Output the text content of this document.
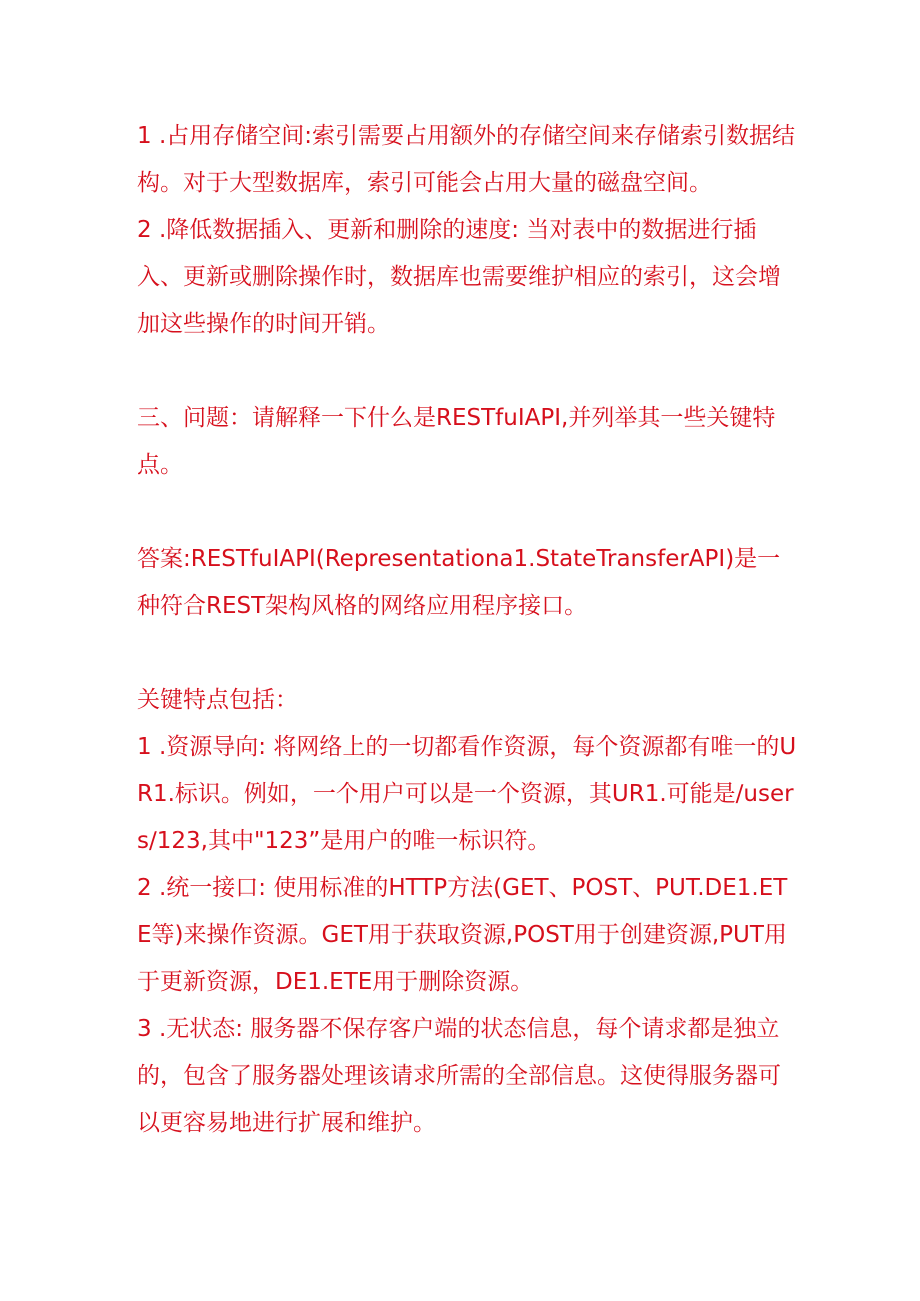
1 .占用存储空间:索引需要占用额外的存储空间来存储索引数据结构。对于大型数据库，索引可能会占用大量的磁盘空间。

2 .降低数据插入、更新和删除的速度: 当对表中的数据进行插入、更新或删除操作时，数据库也需要维护相应的索引，这会增加这些操作的时间开销。

三、问题：请解释一下什么是RESTfuIAPI,并列举其一些关键特点。

答案:RESTfuIAPI(Representationa1.StateTransferAPI)是一种符合REST架构风格的网络应用程序接口。

关键特点包括：

1 .资源导向: 将网络上的一切都看作资源，每个资源都有唯一的UR1.标识。例如，一个用户可以是一个资源，其UR1.可能是∕users∕123,其中"123”是用户的唯一标识符。

2 .统一接口: 使用标准的HTTP方法(GET、POST、PUT.DE1.ETE等)来操作资源。GET用于获取资源,POST用于创建资源,PUT用于更新资源，DE1.ETE用于删除资源。

3 .无状态: 服务器不保存客户端的状态信息，每个请求都是独立的，包含了服务器处理该请求所需的全部信息。这使得服务器可以更容易地进行扩展和维护。
